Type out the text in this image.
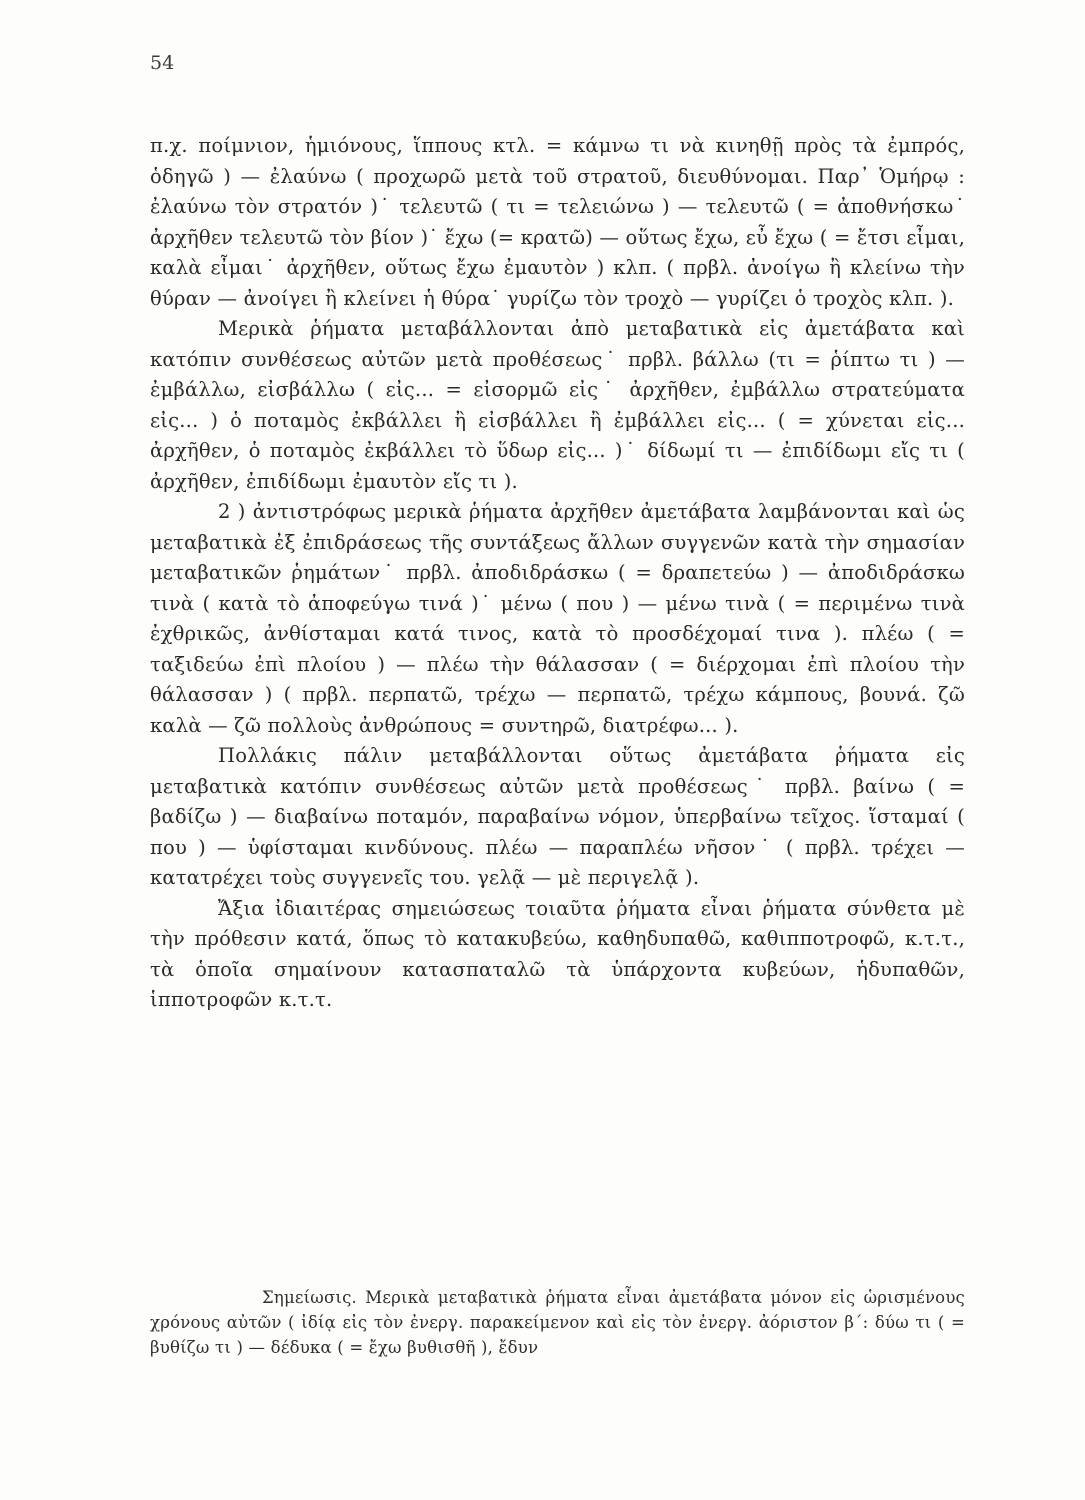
54

π.χ. ποίμνιον, ἡμιόνους, ἵππους κτλ. = κάμνω τι νὰ κινηθῇ πρὸς τὰ ἐμπρός, ὁδηγῶ ) — ἐλαύνω ( προχωρῶ μετὰ τοῦ στρατοῦ, διευθύνομαι. Παρ᾽ Ὁμήρῳ : ἐλαύνω τὸν στρατόν )˙ τελευτῶ ( τι = τελειώνω ) — τελευτῶ ( = ἀποθνήσκω˙ ἀρχῆθεν τελευτῶ τὸν βίον )˙ ἔχω (= κρατῶ) — οὕτως ἔχω, εὖ ἔχω ( = ἔτσι εἶμαι, καλὰ εἶμαι˙ ἀρχῆθεν, οὕτως ἔχω ἐμαυτὸν ) κλπ. ( πρβλ. ἀνοίγω ἢ κλείνω τὴν θύραν — ἀνοίγει ἢ κλείνει ἡ θύρα˙ γυρίζω τὸν τροχὸ — γυρίζει ὁ τροχὸς κλπ. ).

Μερικὰ ῥήματα μεταβάλλονται ἀπὸ μεταβατικὰ εἰς ἀμετάβατα καὶ κατόπιν συνθέσεως αὐτῶν μετὰ προθέσεως˙ πρβλ. βάλλω (τι = ῥίπτω τι ) — ἐμβάλλω, εἰσβάλλω ( εἰς... = εἰσορμῶ εἰς˙ ἀρχῆθεν, ἐμβάλλω στρατεύματα εἰς... ) ὁ ποταμὸς ἐκβάλλει ἢ εἰσβάλλει ἢ ἐμβάλλει εἰς... ( = χύνεται εἰς... ἀρχῆθεν, ὁ ποταμὸς ἐκβάλλει τὸ ὕδωρ εἰς... )˙ δίδωμί τι — ἐπιδίδωμι εἴς τι ( ἀρχῆθεν, ἐπιδίδωμι ἐμαυτὸν εἴς τι ).

2 ) ἀντιστρόφως μερικὰ ῥήματα ἀρχῆθεν ἀμετάβατα λαμβάνονται καὶ ὡς μεταβατικὰ ἐξ ἐπιδράσεως τῆς συντάξεως ἄλλων συγγενῶν κατὰ τὴν σημασίαν μεταβατικῶν ῥημάτων˙ πρβλ. ἀποδιδράσκω ( = δραπετεύω ) — ἀποδιδράσκω τινὰ ( κατὰ τὸ ἀποφεύγω τινά )˙ μένω ( που ) — μένω τινὰ ( = περιμένω τινὰ ἐχθρικῶς, ἀνθίσταμαι κατά τινος, κατὰ τὸ προσδέχομαί τινα ). πλέω ( = ταξιδεύω ἐπὶ πλοίου ) — πλέω τὴν θάλασσαν ( = διέρχομαι ἐπὶ πλοίου τὴν θάλασσαν ) ( πρβλ. περπατῶ, τρέχω — περπατῶ, τρέχω κάμπους, βουνά. ζῶ καλὰ — ζῶ πολλοὺς ἀνθρώπους = συντηρῶ, διατρέφω... ).

Πολλάκις πάλιν μεταβάλλονται οὕτως ἀμετάβατα ῥήματα εἰς μεταβατικὰ κατόπιν συνθέσεως αὐτῶν μετὰ προθέσεως˙ πρβλ. βαίνω ( = βαδίζω ) — διαβαίνω ποταμόν, παραβαίνω νόμον, ὑπερβαίνω τεῖχος. ἵσταμαί ( που ) — ὑφίσταμαι κινδύνους. πλέω — παραπλέω νῆσον˙ ( πρβλ. τρέχει — κατατρέχει τοὺς συγγενεῖς του. γελᾷ — μὲ περιγελᾷ ).

Ἄξια ἰδιαιτέρας σημειώσεως τοιαῦτα ῥήματα εἶναι ῥήματα σύνθετα μὲ τὴν πρόθεσιν κατά, ὅπως τὸ κατακυβεύω, καθηδυπαθῶ, καθιπποτροφῶ, κ.τ.τ., τὰ ὁποῖα σημαίνουν κατασπαταλῶ τὰ ὑπάρχοντα κυβεύων, ἡδυπαθῶν, ἱπποτροφῶν κ.τ.τ.

Σημείωσις. Μερικὰ μεταβατικὰ ῥήματα εἶναι ἀμετάβατα μόνον εἰς ὡρισμένους χρόνους αὐτῶν ( ἰδίᾳ εἰς τὸν ἐνεργ. παρακείμενον καὶ εἰς τὸν ἐνεργ. ἀόριστον β´: δύω τι ( = βυθίζω τι ) — δέδυκα ( = ἔχω βυθισθῆ ), ἔδυν
